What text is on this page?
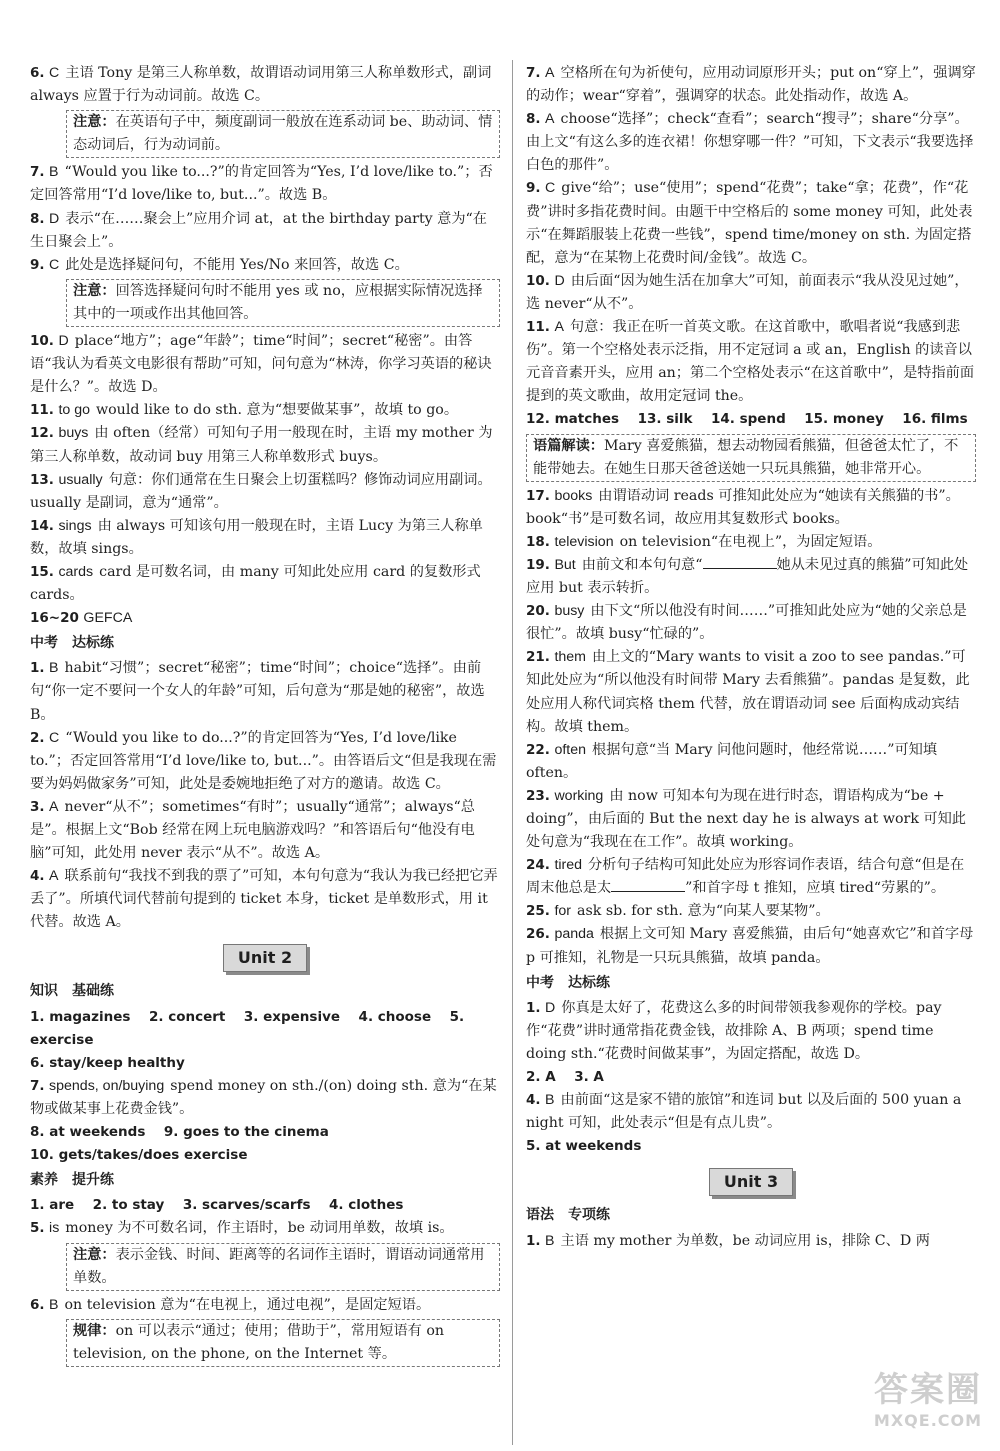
6. C 主语 Tony 是第三人称单数，故谓语动词用第三人称单数形式，副词 always 应置于行为动词前。故选 C。

注意：在英语句子中，频度副词一般放在连系动词 be、助动词、情态动词后，行为动词前。

7. B “Would you like to...?”的肯定回答为“Yes, I’d love/like to.”；否定回答常用“I’d love/like to, but...”。故选 B。

8. D 表示“在……聚会上”应用介词 at，at the birthday party 意为“在生日聚会上”。

9. C 此处是选择疑问句，不能用 Yes/No 来回答，故选 C。

注意：回答选择疑问句时不能用 yes 或 no，应根据实际情况选择其中的一项或作出其他回答。

10. D place“地方”；age“年龄”；time“时间”；secret“秘密”。由答语“我认为看英文电影很有帮助”可知，问句意为“林涛，你学习英语的秘诀是什么？”。故选 D。

11. to go would like to do sth. 意为“想要做某事”，故填 to go。

12. buys 由 often（经常）可知句子用一般现在时，主语 my mother 为第三人称单数，故动词 buy 用第三人称单数形式 buys。

13. usually 句意：你们通常在生日聚会上切蛋糕吗？修饰动词应用副词。usually 是副词，意为“通常”。

14. sings 由 always 可知该句用一般现在时，主语 Lucy 为第三人称单数，故填 sings。

15. cards card 是可数名词，由 many 可知此处应用 card 的复数形式 cards。

16~20 GEFCA

中考 达标练

1. B habit“习惯”；secret“秘密”；time“时间”；choice“选择”。由前句“你一定不要问一个女人的年龄”可知，后句意为“那是她的秘密”，故选 B。

2. C “Would you like to do...?”的肯定回答为“Yes, I’d love/like to.”；否定回答常用“I’d love/like to, but...”。由答语后文“但是我现在需要为妈妈做家务”可知，此处是委婉地拒绝了对方的邀请。故选 C。

3. A never“从不”；sometimes“有时”；usually“通常”；always“总是”。根据上文“Bob 经常在网上玩电脑游戏吗？”和答语后句“他没有电脑”可知，此处用 never 表示“从不”。故选 A。

4. A 联系前句“我找不到我的票了”可知，本句句意为“我认为我已经把它弄丢了”。所填代词代替前句提到的 ticket 本身，ticket 是单数形式，用 it 代替。故选 A。

Unit 2

知识 基础练

1. magazines 2. concert 3. expensive 4. choose 5. exercise

6. stay/keep healthy

7. spends, on/buying spend money on sth./(on) doing sth. 意为“在某物或做某事上花费金钱”。

8. at weekends 9. goes to the cinema

10. gets/takes/does exercise

素养 提升练

1. are 2. to stay 3. scarves/scarfs 4. clothes

5. is money 为不可数名词，作主语时，be 动词用单数，故填 is。

注意：表示金钱、时间、距离等的名词作主语时，谓语动词通常用单数。

6. B on television 意为“在电视上，通过电视”，是固定短语。

规律：on 可以表示“通过；使用；借助于”，常用短语有 on television, on the phone, on the Internet 等。

7. A 空格所在句为祈使句，应用动词原形开头；put on“穿上”，强调穿的动作；wear“穿着”，强调穿的状态。此处指动作，故选 A。

8. A choose“选择”；check“查看”；search“搜寻”；share“分享”。由上文“有这么多的连衣裙！你想穿哪一件？”可知，下文表示“我要选择白色的那件”。

9. C give“给”；use“使用”；spend“花费”；take“拿；花费”，作“花费”讲时多指花费时间。由题干中空格后的 some money 可知，此处表示“在舞蹈服装上花费一些钱”，spend time/money on sth. 为固定搭配，意为“在某物上花费时间/金钱”。故选 C。

10. D 由后面“因为她生活在加拿大”可知，前面表示“我从没见过她”，选 never“从不”。

11. A 句意：我正在听一首英文歌。在这首歌中，歌唱者说“我感到悲伤”。第一个空格处表示泛指，用不定冠词 a 或 an，English 的读音以元音音素开头，应用 an；第二个空格处表示“在这首歌中”，是特指前面提到的英文歌曲，故用定冠词 the。

12. matches 13. silk 14. spend 15. money 16. films

语篇解读：Mary 喜爱熊猫，想去动物园看熊猫，但爸爸太忙了，不能带她去。在她生日那天爸爸送她一只玩具熊猫，她非常开心。

17. books 由谓语动词 reads 可推知此处应为“她读有关熊猫的书”。book“书”是可数名词，故应用其复数形式 books。

18. television on television“在电视上”，为固定短语。

19. But 由前文和本句句意“	她从未见过真的熊猫”可知此处应用 but 表示转折。

20. busy 由下文“所以他没有时间……”可推知此处应为“她的父亲总是很忙”。故填 busy“忙碌的”。

21. them 由上文的“Mary wants to visit a zoo to see pandas.”可知此处应为“所以他没有时间带 Mary 去看熊猫”。pandas 是复数，此处应用人称代词宾格 them 代替，放在谓语动词 see 后面构成动宾结构。故填 them。

22. often 根据句意“当 Mary 问他问题时，他经常说……”可知填 often。

23. working 由 now 可知本句为现在进行时态，谓语构成为“be + doing”，由后面的 But the next day he is always at work 可知此处句意为“我现在在工作”。故填 working。

24. tired 分析句子结构可知此处应为形容词作表语，结合句意“但是在周末他总是太	”和首字母 t 推知，应填 tired“劳累的”。

25. for ask sb. for sth. 意为“向某人要某物”。

26. panda 根据上文可知 Mary 喜爱熊猫，由后句“她喜欢它”和首字母 p 可推知，礼物是一只玩具熊猫，故填 panda。

中考 达标练

1. D 你真是太好了，花费这么多的时间带领我参观你的学校。pay 作“花费”讲时通常指花费金钱，故排除 A、B 两项；spend time doing sth.“花费时间做某事”，为固定搭配，故选 D。

2. A 3. A

4. B 由前面“这是家不错的旅馆”和连词 but 以及后面的 500 yuan a night 可知，此处表示“但是有点儿贵”。

5. at weekends

Unit 3

语法 专项练

1. B 主语 my mother 为单数，be 动词应用 is，排除 C、D 两

答案圈
MXQE.COM
